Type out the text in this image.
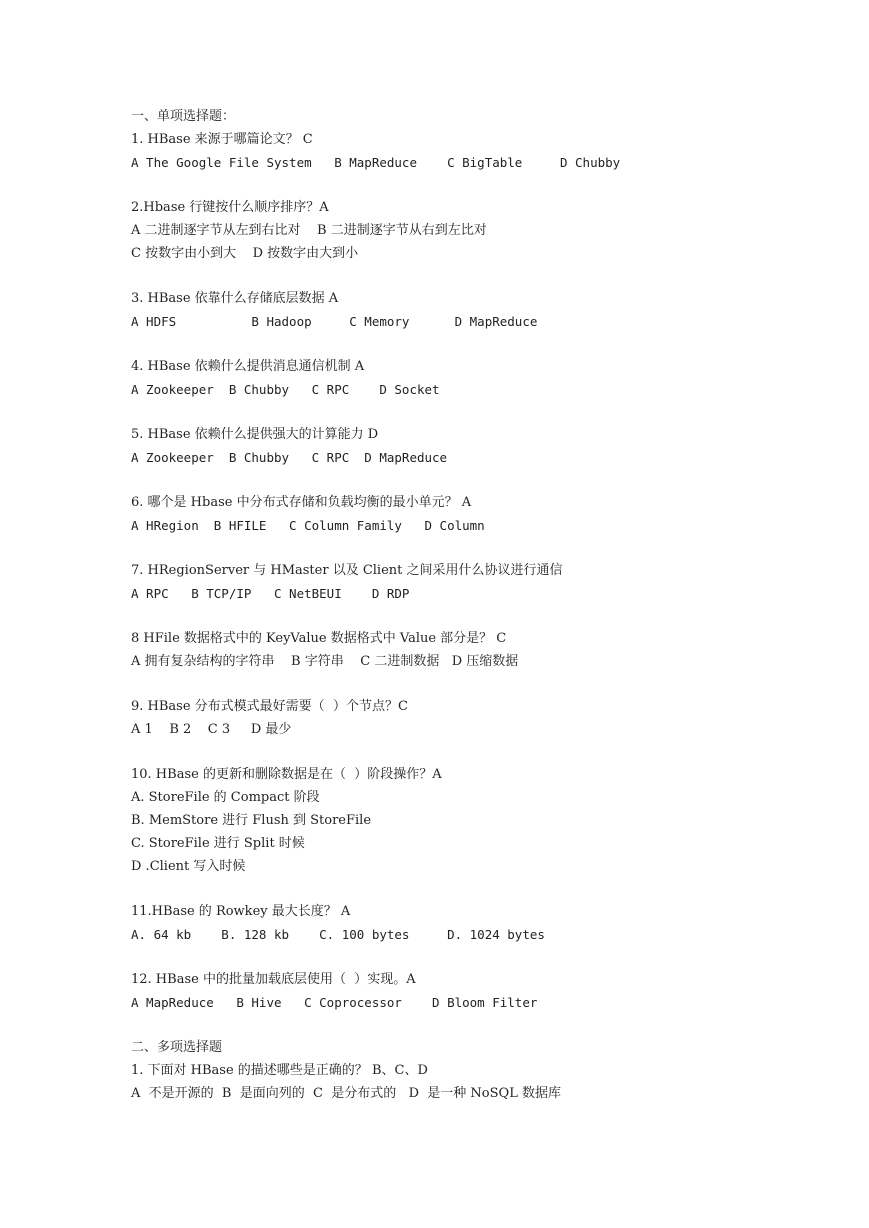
一、单项选择题：
1. HBase 来源于哪篇论文？ C
A The Google File System   B MapReduce    C BigTable     D Chubby
2.Hbase 行键按什么顺序排序？A
A 二进制逐字节从左到右比对    B 二进制逐字节从右到左比对
C 按数字由小到大    D 按数字由大到小
3. HBase 依靠什么存储底层数据 A
A HDFS          B Hadoop     C Memory      D MapReduce
4. HBase 依赖什么提供消息通信机制 A
A Zookeeper  B Chubby   C RPC    D Socket
5. HBase 依赖什么提供强大的计算能力 D
A Zookeeper  B Chubby   C RPC  D MapReduce
6. 哪个是 Hbase 中分布式存储和负载均衡的最小单元？ A
A HRegion  B HFILE   C Column Family   D Column
7. HRegionServer 与 HMaster 以及 Client 之间采用什么协议进行通信
A RPC   B TCP/IP   C NetBEUI    D RDP
8 HFile 数据格式中的 KeyValue 数据格式中 Value 部分是？ C
A 拥有复杂结构的字符串    B 字符串    C 二进制数据   D 压缩数据
9. HBase 分布式模式最好需要（  ）个节点？C
A 1    B 2    C 3     D 最少
10. HBase 的更新和删除数据是在（  ）阶段操作？A
A. StoreFile 的 Compact 阶段
B. MemStore 进行 Flush 到 StoreFile
C. StoreFile 进行 Split 时候
D .Client 写入时候
11.HBase 的 Rowkey 最大长度？ A
A. 64 kb    B. 128 kb    C. 100 bytes     D. 1024 bytes
12. HBase 中的批量加载底层使用（  ）实现。A
A MapReduce   B Hive   C Coprocessor    D Bloom Filter
二、多项选择题
1. 下面对 HBase 的描述哪些是正确的？ B、C、D
A  不是开源的  B  是面向列的  C  是分布式的   D  是一种 NoSQL 数据库
